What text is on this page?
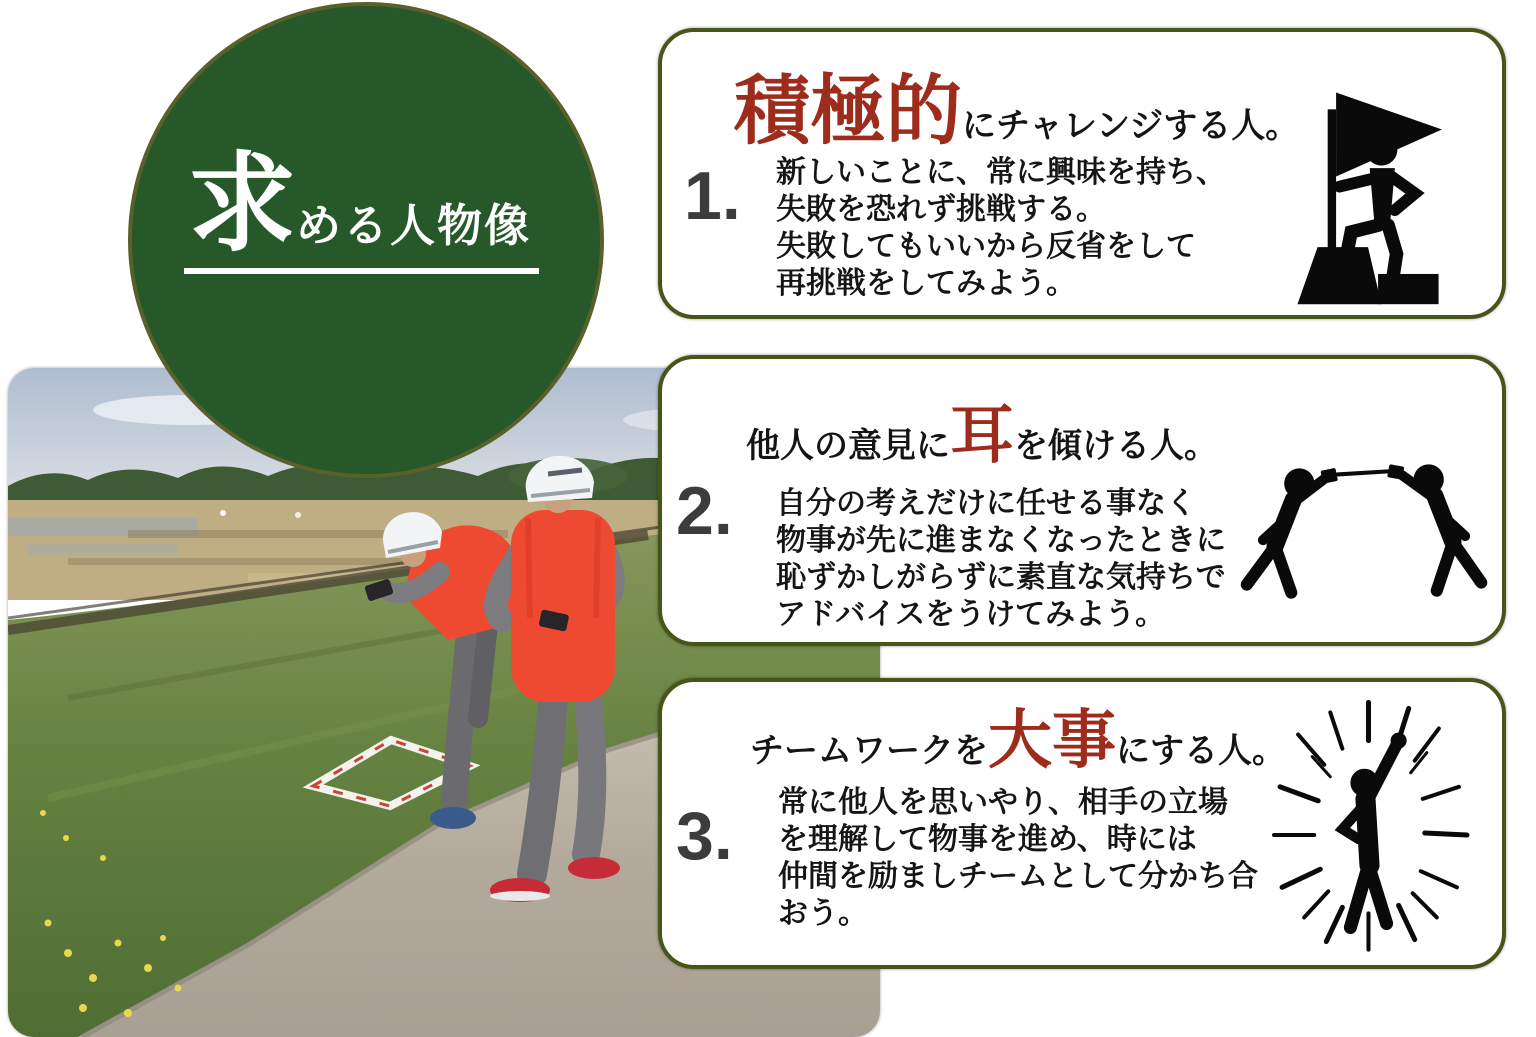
求 める人物像 1.
積極的 にチャレンジする人。
新しいことに、常に興味を持ち、
失敗を恐れず挑戦する。
失敗してもいいから反省をして
再挑戦をしてみよう。
2.
他人の意見に 耳 を傾ける人。
自分の考えだけに任せる事なく
物事が先に進まなくなったときに
恥ずかしがらずに素直な気持ちで
アドバイスをうけてみよう。
3.
チームワークを 大事 にする人。
常に他人を思いやり、相手の立場
を理解して物事を進め、時には
仲間を励ましチームとして分かち合
おう。
